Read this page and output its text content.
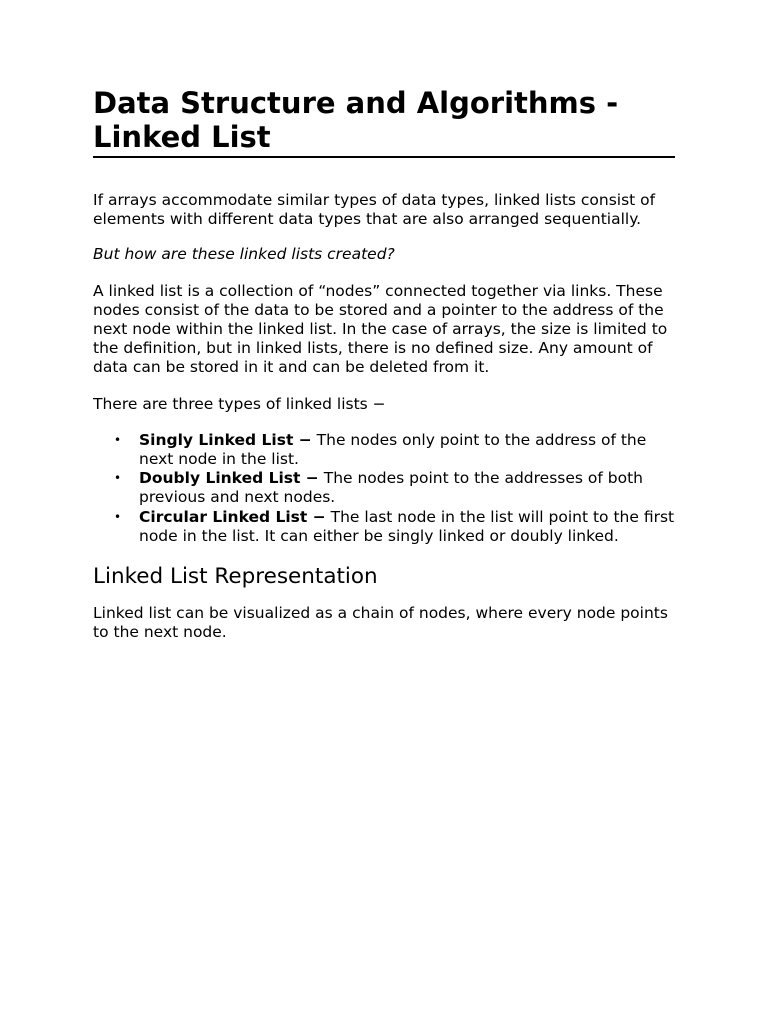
Data Structure and Algorithms - Linked List

If arrays accommodate similar types of data types, linked lists consist of elements with different data types that are also arranged sequentially.

But how are these linked lists created?

A linked list is a collection of “nodes” connected together via links. These nodes consist of the data to be stored and a pointer to the address of the next node within the linked list. In the case of arrays, the size is limited to the definition, but in linked lists, there is no defined size. Any amount of data can be stored in it and can be deleted from it.

There are three types of linked lists −

• Singly Linked List − The nodes only point to the address of the next node in the list.
• Doubly Linked List − The nodes point to the addresses of both previous and next nodes.
• Circular Linked List − The last node in the list will point to the first node in the list. It can either be singly linked or doubly linked.
Linked List Representation

Linked list can be visualized as a chain of nodes, where every node points to the next node.
